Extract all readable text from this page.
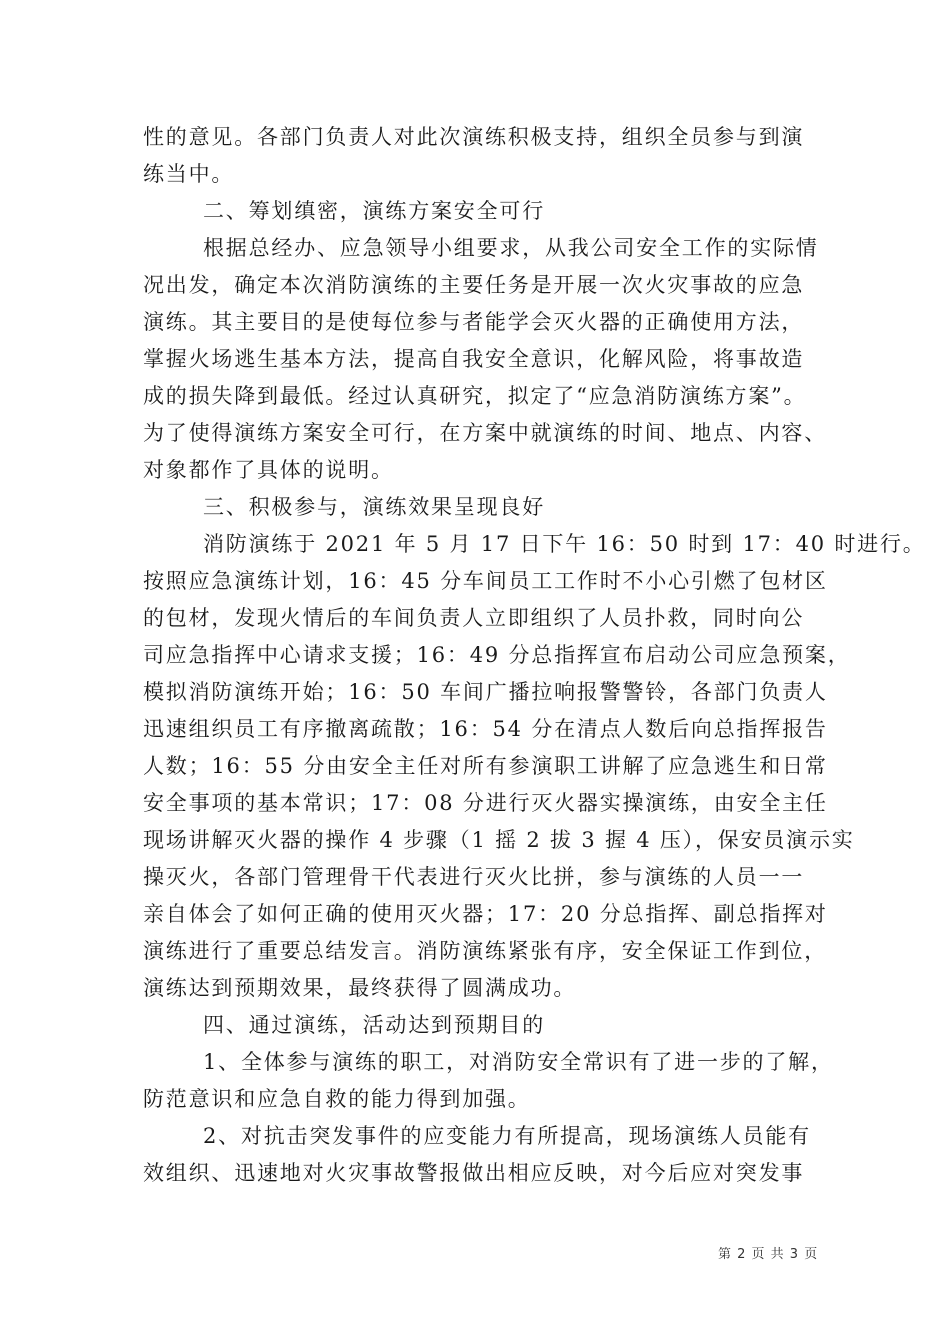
性的意见。各部门负责人对此次演练积极支持，组织全员参与到演
练当中。
二、筹划缜密，演练方案安全可行
根据总经办、应急领导小组要求，从我公司安全工作的实际情
况出发，确定本次消防演练的主要任务是开展一次火灾事故的应急
演练。其主要目的是使每位参与者能学会灭火器的正确使用方法，
掌握火场逃生基本方法，提高自我安全意识，化解风险，将事故造
成的损失降到最低。经过认真研究，拟定了“应急消防演练方案”。
为了使得演练方案安全可行，在方案中就演练的时间、地点、内容、
对象都作了具体的说明。
三、积极参与，演练效果呈现良好
消防演练于 2021 年 5 月 17 日下午 16：50 时到 17：40 时进行。
按照应急演练计划，16：45 分车间员工工作时不小心引燃了包材区
的包材，发现火情后的车间负责人立即组织了人员扑救，同时向公
司应急指挥中心请求支援；16：49 分总指挥宣布启动公司应急预案，
模拟消防演练开始；16：50 车间广播拉响报警警铃，各部门负责人
迅速组织员工有序撤离疏散；16：54 分在清点人数后向总指挥报告
人数；16：55 分由安全主任对所有参演职工讲解了应急逃生和日常
安全事项的基本常识；17：08 分进行灭火器实操演练，由安全主任
现场讲解灭火器的操作 4 步骤（1 摇 2 拔 3 握 4 压），保安员演示实
操灭火，各部门管理骨干代表进行灭火比拼，参与演练的人员一一
亲自体会了如何正确的使用灭火器；17：20 分总指挥、副总指挥对
演练进行了重要总结发言。消防演练紧张有序，安全保证工作到位，
演练达到预期效果，最终获得了圆满成功。
四、通过演练，活动达到预期目的
1、全体参与演练的职工，对消防安全常识有了进一步的了解，
防范意识和应急自救的能力得到加强。
2、对抗击突发事件的应变能力有所提高，现场演练人员能有
效组织、迅速地对火灾事故警报做出相应反映，对今后应对突发事
第 2 页 共 3 页
